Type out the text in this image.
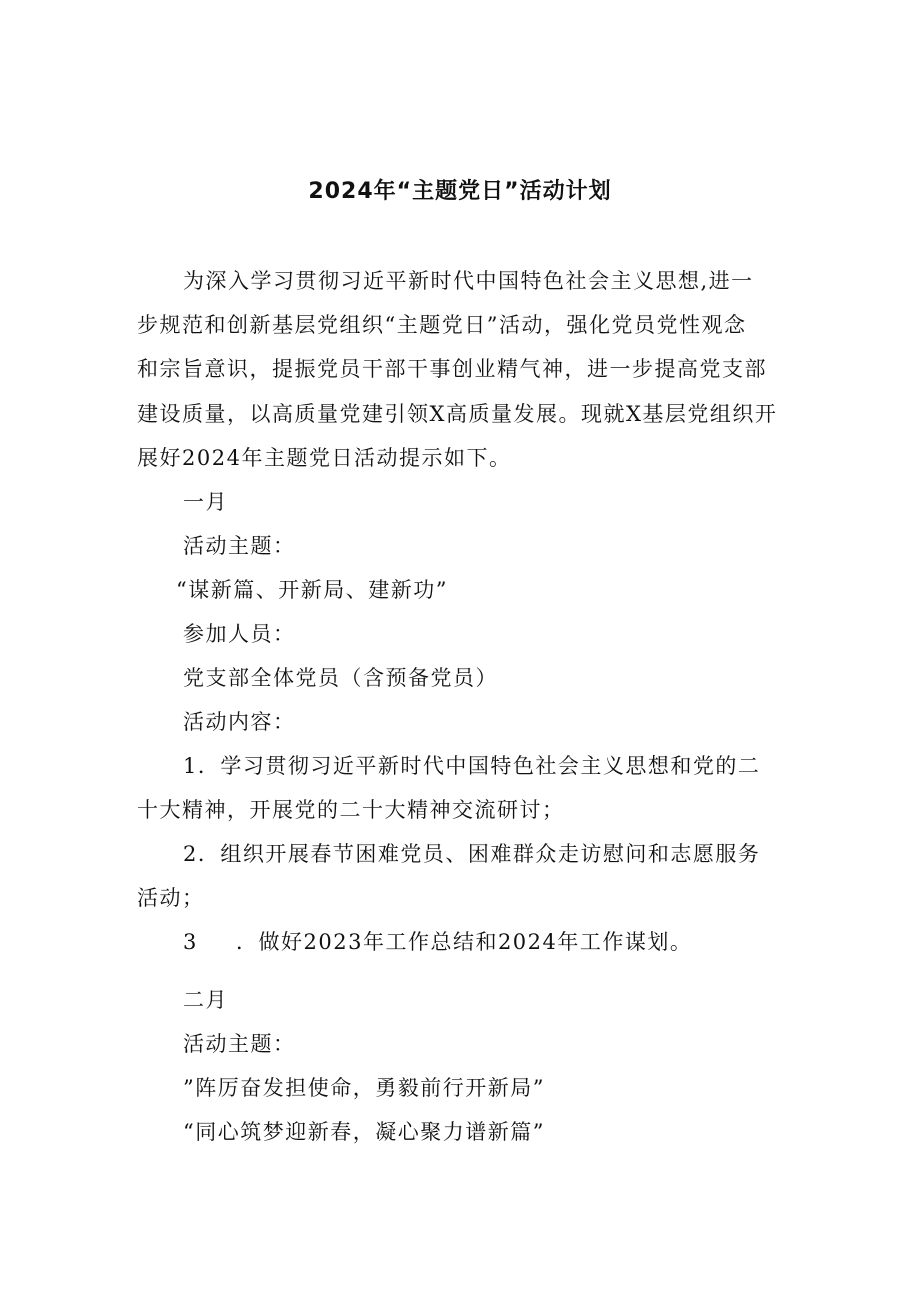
2024年“主题党日”活动计划
为深入学习贯彻习近平新时代中国特色社会主义思想,进一
步规范和创新基层党组织“主题党日”活动，强化党员党性观念
和宗旨意识，提振党员干部干事创业精气神，进一步提高党支部
建设质量，以高质量党建引领X高质量发展。现就X基层党组织开
展好2024年主题党日活动提示如下。
一月
活动主题：
“谋新篇、开新局、建新功”
参加人员：
党支部全体党员（含预备党员）
活动内容：
1．学习贯彻习近平新时代中国特色社会主义思想和党的二
十大精神，开展党的二十大精神交流研讨；
2．组织开展春节困难党员、困难群众走访慰问和志愿服务
活动；
3 ．做好2023年工作总结和2024年工作谋划。
二月
活动主题：
”阵厉奋发担使命，勇毅前行开新局”
“同心筑梦迎新春，凝心聚力谱新篇”
